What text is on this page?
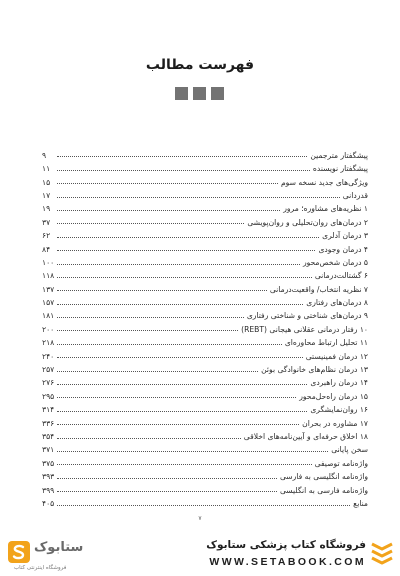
فهرست مطالب
پیشگفتار مترجمین
۹
پیشگفتار نویسنده
۱۱
ویژگی‌های جدید نسخه سوم
۱۵
قدردانی
۱۷
۱ نظریه‌های مشاوره؛ مرور
۱۹
۲ درمان‌های روان‌تحلیلی و روان‌پویشی
۳۷
۳ درمان آدلری
۶۲
۴ درمان وجودی
۸۴
۵ درمان شخص‌محور
۱۰۰
۶ گشتالت‌درمانی
۱۱۸
۷ نظریه انتخاب/ واقعیت‌درمانی
۱۳۷
۸ درمان‌های رفتاری
۱۵۷
۹ درمان‌های شناختی و شناختی رفتاری
۱۸۱
۱۰ رفتار درمانی عقلانی هیجانی (REBT)
۲۰۰
۱۱ تحلیل ارتباط محاوره‌ای
۲۱۸
۱۲ درمان فمینیستی
۲۴۰
۱۳ درمان نظام‌های خانوادگی بوئن
۲۵۷
۱۴ درمان راهبردی
۲۷۶
۱۵ درمان راه‌حل‌محور
۲۹۵
۱۶ روان‌نمایشگری
۳۱۴
۱۷ مشاوره در بحران
۳۳۶
۱۸ اخلاق حرفه‌ای و آیین‌نامه‌های اخلاقی
۳۵۴
سخن پایانی
۳۷۱
واژه‌نامه توصیفی
۳۷۵
واژه‌نامه انگلیسی به فارسی
۳۹۳
واژه‌نامه فارسی به انگلیسی
۳۹۹
منابع
۴۰۵
۷
ستابوک
فروشگاه اینترنتی کتاب
فروشگاه کتاب پزشکی ستابوک
WWW.SETABOOK.COM
